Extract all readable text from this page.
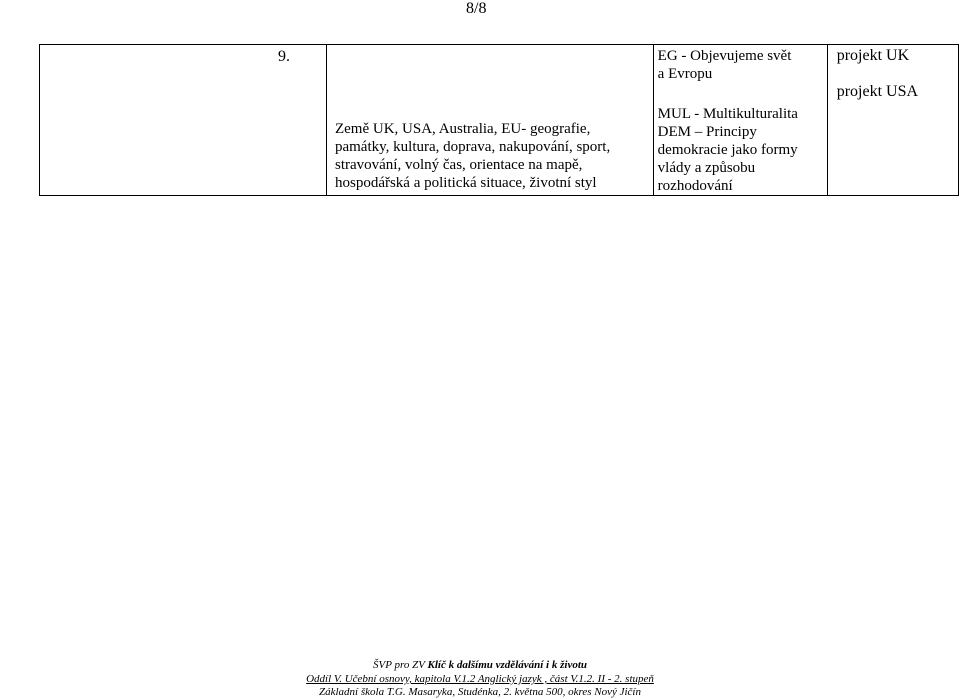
8/8
9.

Země UK, USA, Australia, EU- geografie,
památky, kultura, doprava, nakupování, sport,
stravování, volný čas, orientace na mapě,
hospodářská a politická situace, životní styl

EG - Objevujeme svět
a Evropu
MUL - Multikulturalita
DEM – Principy
demokracie jako formy
vlády a způsobu
rozhodování

projekt UK
projekt USA
ŠVP pro ZV Klíč k dalšímu vzdělávání i k životu
Oddíl V. Učební osnovy, kapitola V.1.2 Anglický jazyk , část V.1.2. II - 2. stupeň
Základní škola T.G. Masaryka, Studénka, 2. května 500, okres Nový Jičín
